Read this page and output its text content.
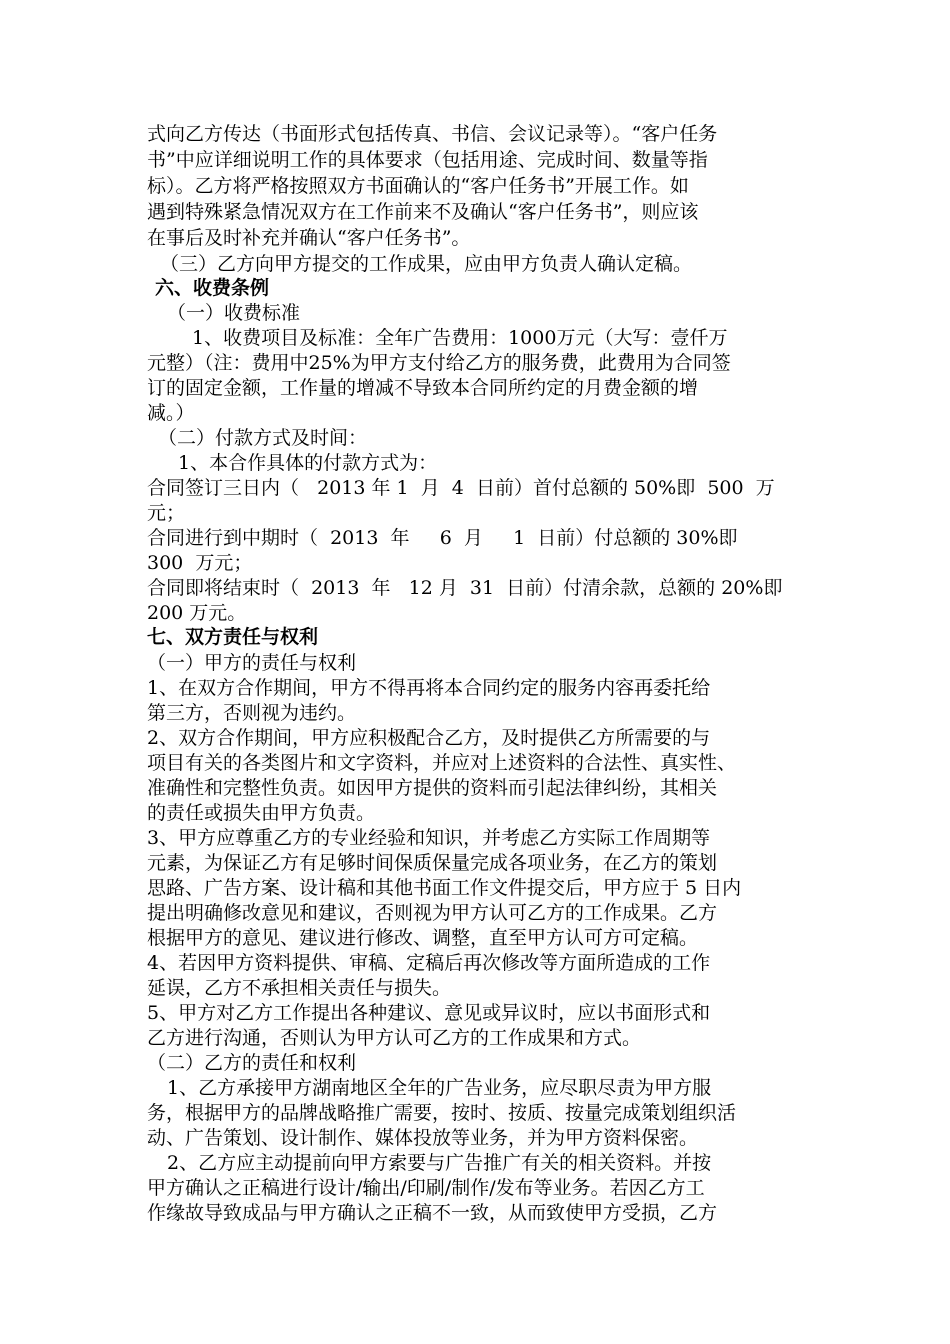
式向乙方传达（书面形式包括传真、书信、会议记录等）。“客户任务
书”中应详细说明工作的具体要求（包括用途、完成时间、数量等指
标）。乙方将严格按照双方书面确认的“客户任务书”开展工作。如
遇到特殊紧急情况双方在工作前来不及确认“客户任务书”，则应该
在事后及时补充并确认“客户任务书”。
（三）乙方向甲方提交的工作成果，应由甲方负责人确认定稿。
六、收费条例
（一）收费标准
1、收费项目及标准：全年广告费用：1000万元（大写：壹仟万
元整）（注：费用中25%为甲方支付给乙方的服务费，此费用为合同签
订的固定金额，工作量的增减不导致本合同所约定的月费金额的增
减。）
（二）付款方式及时间：
1、本合作具体的付款方式为：
合同签订三日内（   2013 年 1  月  4  日前）首付总额的 50%即  500  万
元；
合同进行到中期时（  2013  年     6  月     1  日前）付总额的 30%即
300  万元；
合同即将结束时（  2013  年   12 月  31  日前）付清余款，总额的 20%即
200 万元。
七、双方责任与权利
（一）甲方的责任与权利
1、在双方合作期间，甲方不得再将本合同约定的服务内容再委托给
第三方，否则视为违约。
2、双方合作期间，甲方应积极配合乙方，及时提供乙方所需要的与
项目有关的各类图片和文字资料，并应对上述资料的合法性、真实性、
准确性和完整性负责。如因甲方提供的资料而引起法律纠纷，其相关
的责任或损失由甲方负责。
3、甲方应尊重乙方的专业经验和知识，并考虑乙方实际工作周期等
元素，为保证乙方有足够时间保质保量完成各项业务，在乙方的策划
思路、广告方案、设计稿和其他书面工作文件提交后，甲方应于 5 日内
提出明确修改意见和建议，否则视为甲方认可乙方的工作成果。乙方
根据甲方的意见、建议进行修改、调整，直至甲方认可方可定稿。
4、若因甲方资料提供、审稿、定稿后再次修改等方面所造成的工作
延误，乙方不承担相关责任与损失。
5、甲方对乙方工作提出各种建议、意见或异议时，应以书面形式和
乙方进行沟通，否则认为甲方认可乙方的工作成果和方式。
（二）乙方的责任和权利
1、乙方承接甲方湖南地区全年的广告业务，应尽职尽责为甲方服
务，根据甲方的品牌战略推广需要，按时、按质、按量完成策划组织活
动、广告策划、设计制作、媒体投放等业务，并为甲方资料保密。
2、乙方应主动提前向甲方索要与广告推广有关的相关资料。并按
甲方确认之正稿进行设计/输出/印刷/制作/发布等业务。若因乙方工
作缘故导致成品与甲方确认之正稿不一致，从而致使甲方受损，乙方
